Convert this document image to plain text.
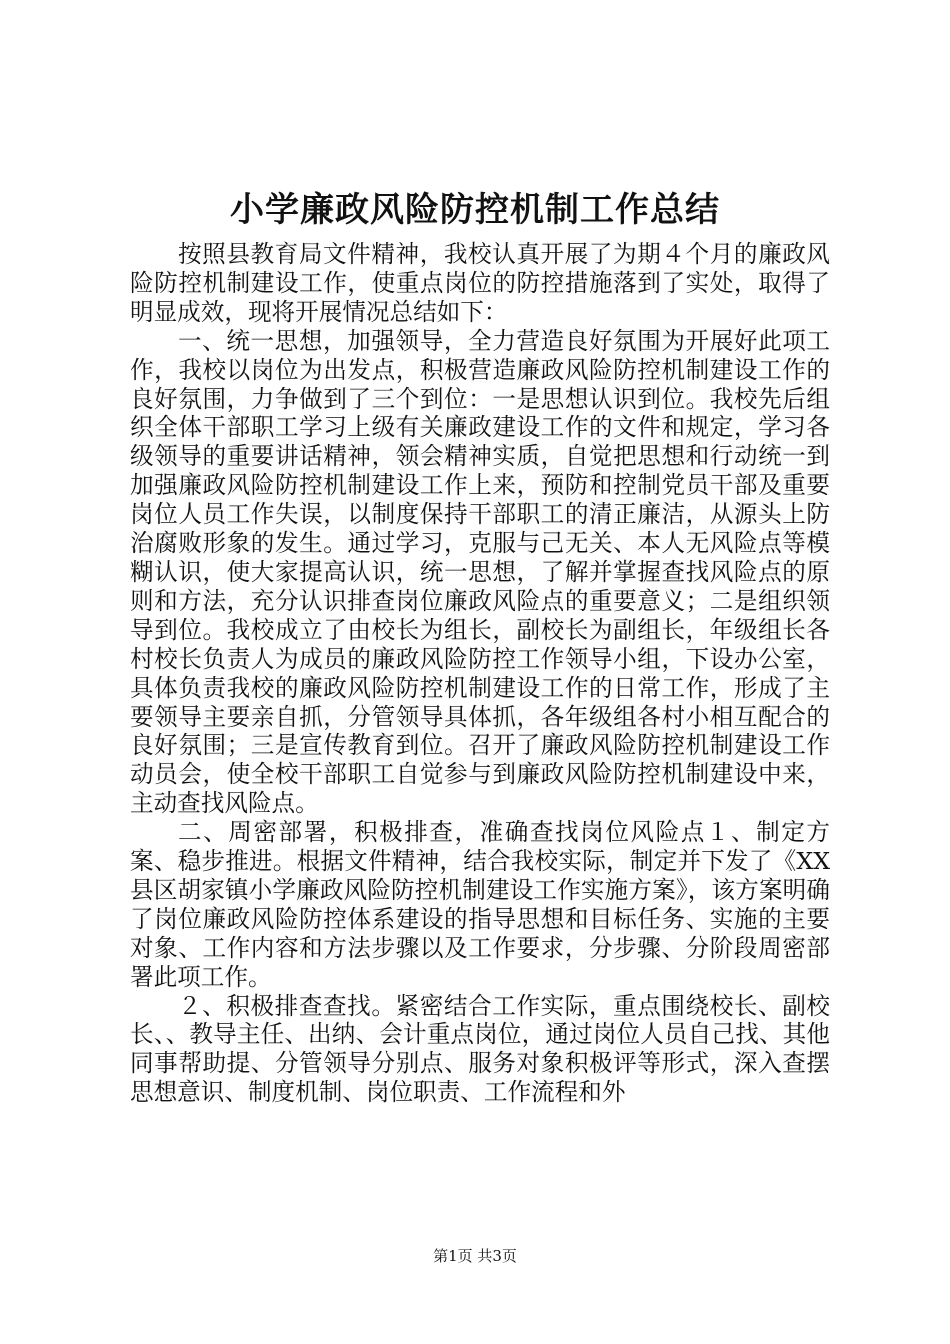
小学廉政风险防控机制工作总结

按照县教育局文件精神，我校认真开展了为期４个月的廉政风险防控机制建设工作，使重点岗位的防控措施落到了实处，取得了明显成效，现将开展情况总结如下：

一、统一思想，加强领导，全力营造良好氛围为开展好此项工作，我校以岗位为出发点，积极营造廉政风险防控机制建设工作的良好氛围，力争做到了三个到位：一是思想认识到位。我校先后组织全体干部职工学习上级有关廉政建设工作的文件和规定，学习各级领导的重要讲话精神，领会精神实质，自觉把思想和行动统一到加强廉政风险防控机制建设工作上来，预防和控制党员干部及重要岗位人员工作失误，以制度保持干部职工的清正廉洁，从源头上防治腐败形象的发生。通过学习，克服与己无关、本人无风险点等模糊认识，使大家提高认识，统一思想，了解并掌握查找风险点的原则和方法，充分认识排查岗位廉政风险点的重要意义；二是组织领导到位。我校成立了由校长为组长，副校长为副组长，年级组长各村校长负责人为成员的廉政风险防控工作领导小组，下设办公室，具体负责我校的廉政风险防控机制建设工作的日常工作，形成了主要领导主要亲自抓，分管领导具体抓，各年级组各村小相互配合的良好氛围；三是宣传教育到位。召开了廉政风险防控机制建设工作动员会，使全校干部职工自觉参与到廉政风险防控机制建设中来，主动查找风险点。

二、周密部署，积极排查，准确查找岗位风险点１、制定方案、稳步推进。根据文件精神，结合我校实际，制定并下发了《XX县区胡家镇小学廉政风险防控机制建设工作实施方案》，该方案明确了岗位廉政风险防控体系建设的指导思想和目标任务、实施的主要对象、工作内容和方法步骤以及工作要求，分步骤、分阶段周密部署此项工作。

２、积极排查查找。紧密结合工作实际，重点围绕校长、副校长、、教导主任、出纳、会计重点岗位，通过岗位人员自己找、其他同事帮助提、分管领导分别点、服务对象积极评等形式，深入查摆思想意识、制度机制、岗位职责、工作流程和外

第1页 共3页
